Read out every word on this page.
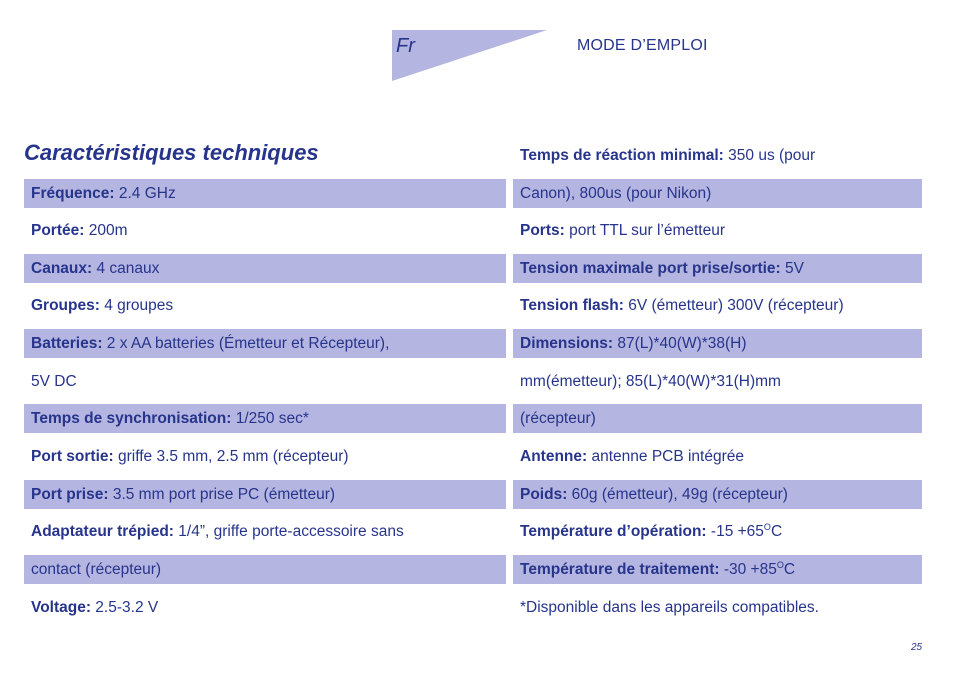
Fr	MODE D’EMPLOI
Caractéristiques techniques
Fréquence: 2.4 GHz
Portée: 200m
Canaux: 4 canaux
Groupes: 4 groupes
Batteries: 2 x AA batteries (Émetteur et Récepteur),
5V DC
Temps de synchronisation: 1/250 sec*
Port sortie: griffe 3.5 mm, 2.5 mm (récepteur)
Port prise: 3.5 mm port prise PC (émetteur)
Adaptateur trépied: 1/4”, griffe porte-accessoire sans
contact (récepteur)
Voltage: 2.5-3.2 V
Temps de réaction minimal: 350 us (pour
Canon), 800us (pour Nikon)
Ports: port TTL sur l’émetteur
Tension maximale port prise/sortie: 5V
Tension flash: 6V (émetteur) 300V (récepteur)
Dimensions: 87(L)*40(W)*38(H)
mm(émetteur); 85(L)*40(W)*31(H)mm
(récepteur)
Antenne: antenne PCB intégrée
Poids: 60g (émetteur), 49g (récepteur)
Température d’opération: $-15 +65^OC$
Température de traitement: $-30 +85^OC$
*Disponible dans les appareils compatibles.
25
